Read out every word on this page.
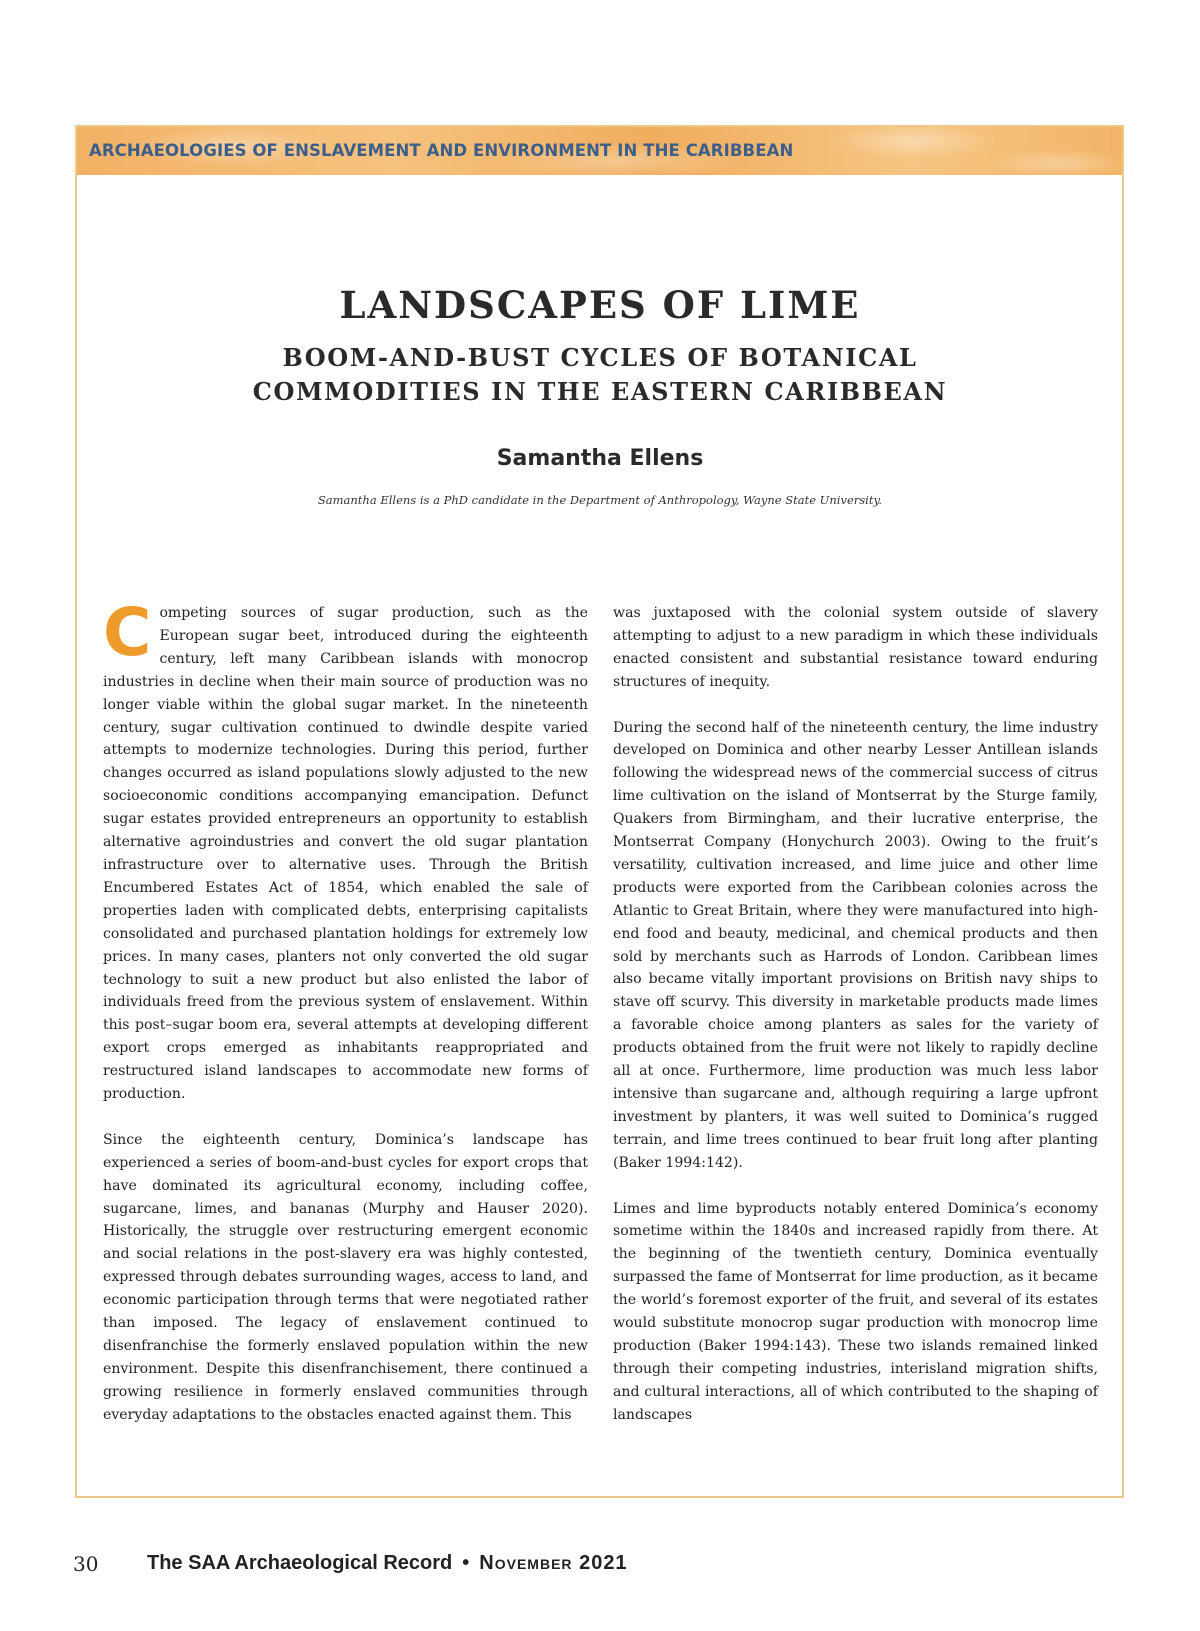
ARCHAEOLOGIES OF ENSLAVEMENT AND ENVIRONMENT IN THE CARIBBEAN
LANDSCAPES OF LIME
BOOM-AND-BUST CYCLES OF BOTANICAL
COMMODITIES IN THE EASTERN CARIBBEAN
Samantha Ellens
Samantha Ellens is a PhD candidate in the Department of Anthropology, Wayne State University.

Competing sources of sugar production, such as the European sugar beet, introduced during the eighteenth century, left many Caribbean islands with monocrop industries in decline when their main source of production was no longer viable within the global sugar market. In the nineteenth century, sugar cultivation continued to dwindle despite varied attempts to modernize technologies. During this period, further changes occurred as island populations slowly adjusted to the new socioeconomic conditions accompanying emancipation. Defunct sugar estates provided entrepreneurs an opportunity to establish alternative agroindustries and convert the old sugar plantation infrastructure over to alternative uses. Through the British Encumbered Estates Act of 1854, which enabled the sale of properties laden with complicated debts, enterprising capitalists consolidated and purchased plantation holdings for extremely low prices. In many cases, planters not only converted the old sugar technology to suit a new product but also enlisted the labor of individuals freed from the previous system of enslavement. Within this post–sugar boom era, several attempts at developing different export crops emerged as inhabitants reappropriated and restructured island landscapes to accommodate new forms of production.

Since the eighteenth century, Dominica’s landscape has experienced a series of boom-and-bust cycles for export crops that have dominated its agricultural economy, including coffee, sugarcane, limes, and bananas (Murphy and Hauser 2020). Historically, the struggle over restructuring emergent economic and social relations in the post-slavery era was highly contested, expressed through debates surrounding wages, access to land, and economic participation through terms that were negotiated rather than imposed. The legacy of enslavement continued to disenfranchise the formerly enslaved population within the new environment. Despite this disenfranchisement, there continued a growing resilience in formerly enslaved communities through everyday adaptations to the obstacles enacted against them. This

was juxtaposed with the colonial system outside of slavery attempting to adjust to a new paradigm in which these individuals enacted consistent and substantial resistance toward enduring structures of inequity.

During the second half of the nineteenth century, the lime industry developed on Dominica and other nearby Lesser Antillean islands following the widespread news of the commercial success of citrus lime cultivation on the island of Montserrat by the Sturge family, Quakers from Birmingham, and their lucrative enterprise, the Montserrat Company (Honychurch 2003). Owing to the fruit’s versatility, cultivation increased, and lime juice and other lime products were exported from the Caribbean colonies across the Atlantic to Great Britain, where they were manufactured into high-end food and beauty, medicinal, and chemical products and then sold by merchants such as Harrods of London. Caribbean limes also became vitally important provisions on British navy ships to stave off scurvy. This diversity in marketable products made limes a favorable choice among planters as sales for the variety of products obtained from the fruit were not likely to rapidly decline all at once. Furthermore, lime production was much less labor intensive than sugarcane and, although requiring a large upfront investment by planters, it was well suited to Dominica’s rugged terrain, and lime trees continued to bear fruit long after planting (Baker 1994:142).

Limes and lime byproducts notably entered Dominica’s economy sometime within the 1840s and increased rapidly from there. At the beginning of the twentieth century, Dominica eventually surpassed the fame of Montserrat for lime production, as it became the world’s foremost exporter of the fruit, and several of its estates would substitute monocrop sugar production with monocrop lime production (Baker 1994:143). These two islands remained linked through their competing industries, interisland migration shifts, and cultural interactions, all of which contributed to the shaping of landscapes

30 The SAA Archaeological Record • November 2021
